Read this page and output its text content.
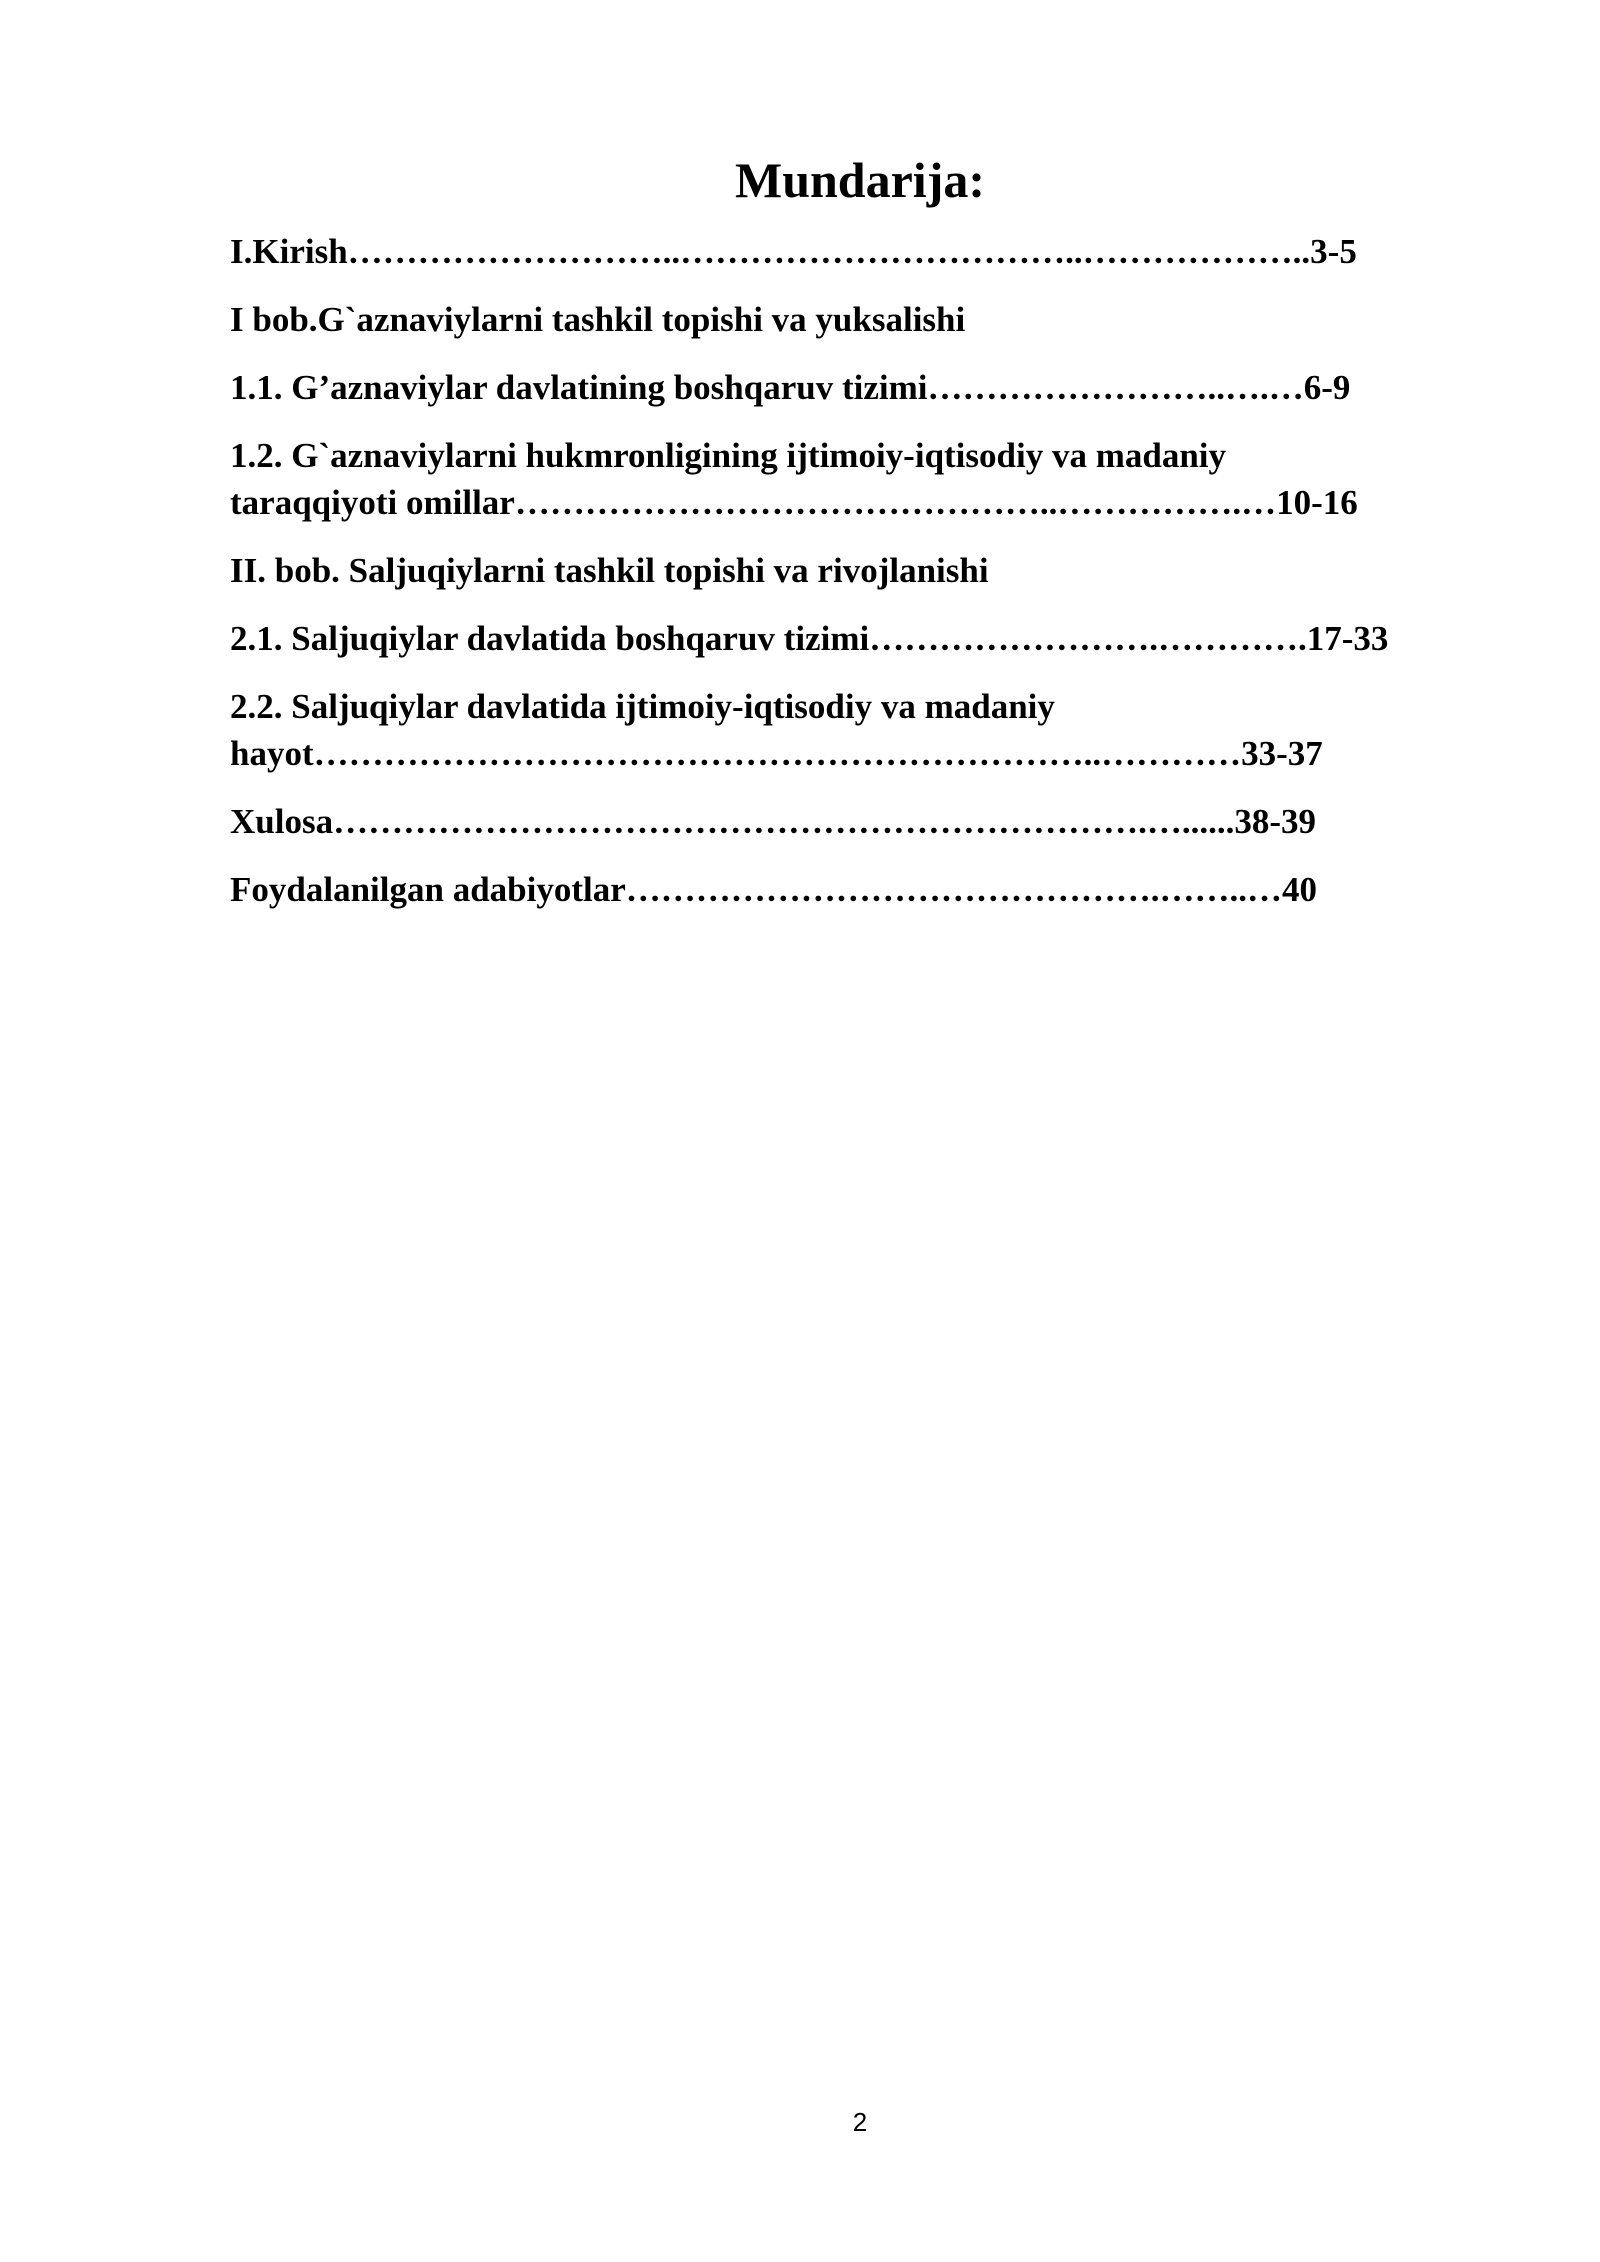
Mundarija:
I.Kirish………………………..……………………………..………………..3-5
I bob.G`aznaviylarni tashkil topishi va yuksalishi
1.1. G’aznaviylar davlatining boshqaruv tizimi……………………..….…6-9
1.2. G`aznaviylarni hukmronligining ijtimoiy-iqtisodiy va madaniy
taraqqiyoti omillar………………………………………..…………….…10-16
II. bob. Saljuqiylarni tashkil topishi va rivojlanishi
2.1. Saljuqiylar davlatida boshqaruv tizimi…………………….………….17-33
2.2. Saljuqiylar davlatida ijtimoiy-iqtisodiy va madaniy
hayot…………………………………………………………..…………33-37
Xulosa…………………………………………………………….…......38-39
Foydalanilgan adabiyotlar……………………………………….……..…40
2
